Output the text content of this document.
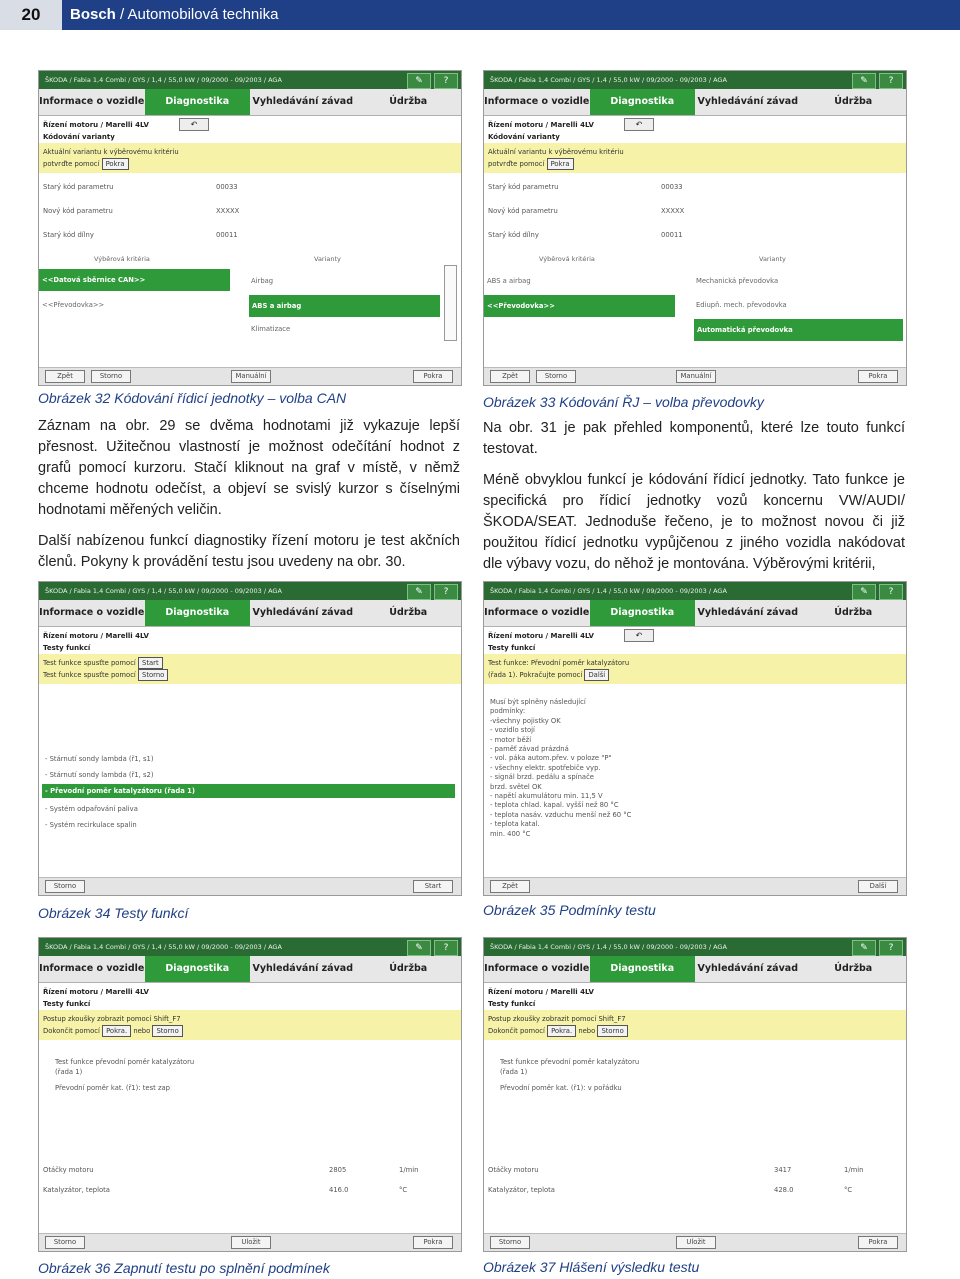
20	Bosch / Automobilová technika
ŠKODA / Fabia 1,4 Combi / GYS / 1,4 / 55,0 kW / 09/2000 - 09/2003 / AGA	✎	?
Informace o vozidle	Diagnostika	Vyhledávání závad	Údržba
Řízení motoru / Marelli 4LV
Kódování varianty
↶
Aktuální variantu k výběrovému kritériu
potvrďte pomocí Pokra
Starý kód parametru	00033
Nový kód parametru	XXXXX
Starý kód dílny	00011
Výběrová kritéria	Varianty
<<Datová sběrnice CAN>>
<<Převodovka>>
Airbag
ABS a airbag
Klimatizace
Zpět	Storno	Manuální	Pokra
Obrázek 32 Kódování řídicí jednotky – volba CAN
ŠKODA / Fabia 1,4 Combi / GYS / 1,4 / 55,0 kW / 09/2000 - 09/2003 / AGA	✎	?
Informace o vozidle	Diagnostika	Vyhledávání závad	Údržba
Řízení motoru / Marelli 4LV
Kódování varianty
↶
Aktuální variantu k výběrovému kritériu
potvrďte pomocí Pokra
Starý kód parametru	00033
Nový kód parametru	XXXXX
Starý kód dílny	00011
Výběrová kritéria	Varianty
ABS a airbag
<<Převodovka>>
Mechanická převodovka
Ediupň. mech. převodovka
Automatická převodovka
Zpět	Storno	Manuální	Pokra
Obrázek 33 Kódování ŘJ – volba převodovky

Záznam na obr. 29 se dvěma hodnotami již vykazuje lepší přesnost. Užitečnou vlastností je možnost odečítání hodnot z grafů pomocí kurzoru. Stačí kliknout na graf v místě, v němž chceme hodnotu odečíst, a objeví se svislý kurzor s číselnými hodnotami měřených veličin.

Další nabízenou funkcí diagnostiky řízení motoru je test akčních členů. Pokyny k provádění testu jsou uvedeny na obr. 30.

Na obr. 31 je pak přehled komponentů, které lze touto funkcí testovat.

Méně obvyklou funkcí je kódování řídicí jednotky. Tato funkce je specifická pro řídicí jednotky vozů koncernu VW/AUDI/ŠKODA/SEAT. Jednoduše řečeno, je to možnost novou či již použitou řídicí jednotku vypůjčenou z jiného vozidla nakódovat dle výbavy vozu, do něhož je montována. Výběrovými kritérii,

ŠKODA / Fabia 1,4 Combi / GYS / 1,4 / 55,0 kW / 09/2000 - 09/2003 / AGA	✎	?
Informace o vozidle	Diagnostika	Vyhledávání závad	Údržba
Řízení motoru / Marelli 4LV
Testy funkcí
Test funkce spusťte pomocí Start
Test funkce spusťte pomocí Storno
- Stárnutí sondy lambda (ř1, s1)
- Stárnutí sondy lambda (ř1, s2)
- Převodní poměr katalyzátoru (řada 1)
- Systém odpařování paliva
- Systém recirkulace spalin
Storno	Start
Obrázek 34 Testy funkcí
ŠKODA / Fabia 1,4 Combi / GYS / 1,4 / 55,0 kW / 09/2000 - 09/2003 / AGA	✎	?
Informace o vozidle	Diagnostika	Vyhledávání závad	Údržba
Řízení motoru / Marelli 4LV
Testy funkcí
↶
Test funkce: Převodní poměr katalyzátoru
(řada 1). Pokračujte pomocí Další
Musí být splněny následující
podmínky:
-všechny pojistky OK
- vozidlo stojí
- motor běží
- paměť závad prázdná
- vol. páka autom.přev. v poloze "P"
- všechny elektr. spotřebiče vyp.
- signál brzd. pedálu a spínače
brzd. světel OK
- napětí akumulátoru min. 11,5 V
- teplota chlad. kapal. vyšší než 80 °C
- teplota nasáv. vzduchu menší než 60 °C
- teplota katal.
min. 400 °C
Zpět	Další
Obrázek 35 Podmínky testu
ŠKODA / Fabia 1,4 Combi / GYS / 1,4 / 55,0 kW / 09/2000 - 09/2003 / AGA	✎	?
Informace o vozidle	Diagnostika	Vyhledávání závad	Údržba
Řízení motoru / Marelli 4LV
Testy funkcí
Postup zkoušky zobrazit pomocí Shift_F7
Dokončit pomocí Pokra. nebo Storno
Test funkce převodní poměr katalyzátoru
(řada 1)
Převodní poměr kat. (ř1): test zap
Otáčky motoru	2805	1/min
Katalyzátor, teplota	416.0	°C
Storno	Uložit	Pokra
Obrázek 36 Zapnutí testu po splnění podmínek
ŠKODA / Fabia 1,4 Combi / GYS / 1,4 / 55,0 kW / 09/2000 - 09/2003 / AGA	✎	?
Informace o vozidle	Diagnostika	Vyhledávání závad	Údržba
Řízení motoru / Marelli 4LV
Testy funkcí
Postup zkoušky zobrazit pomocí Shift_F7
Dokončit pomocí Pokra. nebo Storno
Test funkce převodní poměr katalyzátoru
(řada 1)
Převodní poměr kat. (ř1): v pořádku
Otáčky motoru	3417	1/min
Katalyzátor, teplota	428.0	°C
Storno	Uložit	Pokra
Obrázek 37 Hlášení výsledku testu
